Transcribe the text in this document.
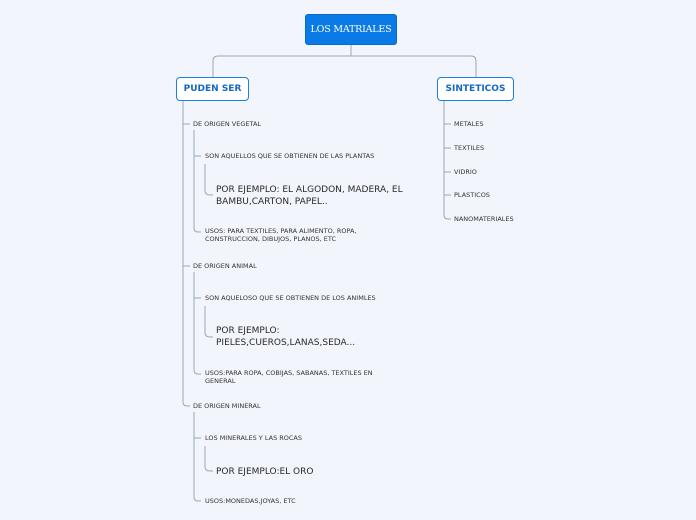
LOS MATRIALES
PUDEN SER	SINTETICOS
DE ORIGEN VEGETAL
SON AQUELLOS QUE SE OBTIENEN DE LAS PLANTAS
POR EJEMPLO: EL ALGODON, MADERA, EL BAMBU,CARTON, PAPEL..
USOS: PARA TEXTILES, PARA ALIMENTO, ROPA, CONSTRUCCION, DIBUJOS, PLANOS, ETC
DE ORIGEN ANIMAL
SON AQUELOSO QUE SE OBTIENEN DE LOS ANIMLES
POR EJEMPLO: PIELES,CUEROS,LANAS,SEDA...
USOS:PARA ROPA, COBIJAS, SABANAS, TEXTILES EN GENERAL
DE ORIGEN MINERAL
LOS MINERALES Y LAS ROCAS
POR EJEMPLO:EL ORO
USOS:MONEDAS,JOYAS, ETC
METALES
TEXTILES
VIDRIO
PLASTICOS
NANOMATERIALES
